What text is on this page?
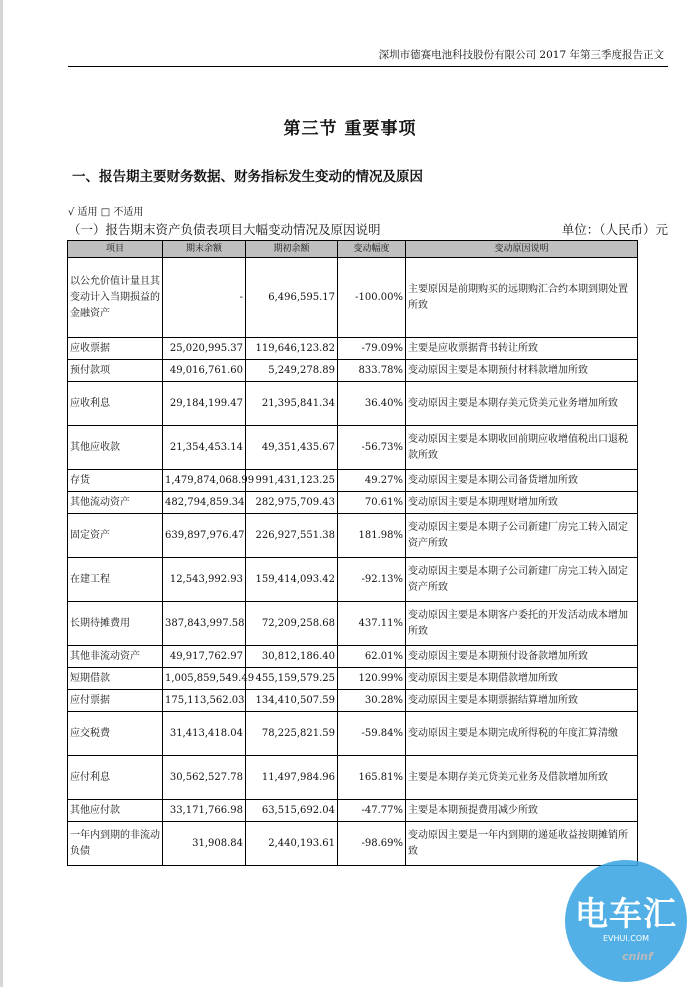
深圳市德赛电池科技股份有限公司 2017 年第三季度报告正文
第三节 重要事项
一、报告期主要财务数据、财务指标发生变动的情况及原因
√ 适用 □ 不适用
（一）报告期末资产负债表项目大幅变动情况及原因说明	单位：（人民币）元
项目	期末余额	期初余额	变动幅度	变动原因说明
以公允价值计量且其变动计入当期损益的金融资产	-	6,496,595.17	-100.00%	主要原因是前期购买的远期购汇合约本期到期处置所致
应收票据	25,020,995.37	119,646,123.82	-79.09%	主要是应收票据背书转让所致
预付款项	49,016,761.60	5,249,278.89	833.78%	变动原因主要是本期预付材料款增加所致
应收利息	29,184,199.47	21,395,841.34	36.40%	变动原因主要是本期存美元贷美元业务增加所致
其他应收款	21,354,453.14	49,351,435.67	-56.73%	变动原因主要是本期收回前期应收增值税出口退税款所致
存货	1,479,874,068.99	991,431,123.25	49.27%	变动原因主要是本期公司备货增加所致
其他流动资产	482,794,859.34	282,975,709.43	70.61%	变动原因主要是本期理财增加所致
固定资产	639,897,976.47	226,927,551.38	181.98%	变动原因主要是本期子公司新建厂房完工转入固定资产所致
在建工程	12,543,992.93	159,414,093.42	-92.13%	变动原因主要是本期子公司新建厂房完工转入固定资产所致
长期待摊费用	387,843,997.58	72,209,258.68	437.11%	变动原因主要是本期客户委托的开发活动成本增加所致
其他非流动资产	49,917,762.97	30,812,186.40	62.01%	变动原因主要是本期预付设备款增加所致
短期借款	1,005,859,549.49	455,159,579.25	120.99%	变动原因主要是本期借款增加所致
应付票据	175,113,562.03	134,410,507.59	30.28%	变动原因主要是本期票据结算增加所致
应交税费	31,413,418.04	78,225,821.59	-59.84%	变动原因主要是本期完成所得税的年度汇算清缴
应付利息	30,562,527.78	11,497,984.96	165.81%	主要是本期存美元贷美元业务及借款增加所致
其他应付款	33,171,766.98	63,515,692.04	-47.77%	主要是本期预提费用减少所致
一年内到期的非流动负债	31,908.84	2,440,193.61	-98.69%	变动原因主要是一年内到期的递延收益按期摊销所致
电车汇
EVHUI.COM
cninf
